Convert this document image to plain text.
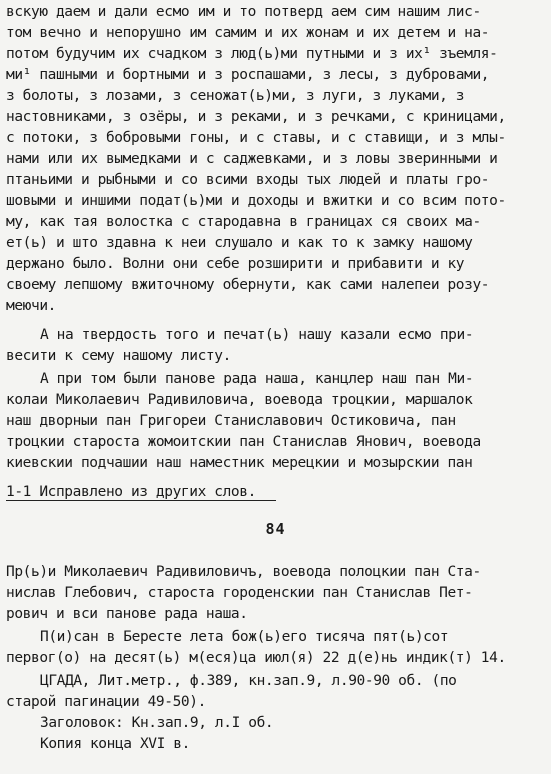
вскую даем и дали есмо им и то потверд аем сим нашим лис-
том вечно и непорушно им самим и их жонам и их детем и на-
потом будучим их счадком з люд(ь)ми путными и з их¹ зъемля-
ми¹ пашными и бортными и з роспашами, з лесы, з дубровами,
з болоты, з лозами, з сеножат(ь)ми, з луги, з луками, з
настовниками, з озёры, и з реками, и з речками, с криницами,
с потоки, з бобровыми гоны, и с ставы, и с ставищи, и з млы-
нами или их вымедками и с саджевками, и з ловы зверинными и
птаньими и рыбными и со всими входы тых людей и платы гро-
шовыми и иншими подат(ь)ми и доходы и вжитки и со всим пото-
му, как тая волостка с стародавна в границах ся своих ма-
ет(ь) и што здавна к неи слушало и как то к замку нашому
держано было. Волни они себе розширити и прибавити и ку
своему лепшому вжиточному обернути, как сами налепеи розу-
меючи.
А на твердость того и печат(ь) нашу казали есмо при-
весити к сему нашому листу.
А при том были панове рада наша, канцлер наш пан Ми-
колаи Миколаевич Радивиловича, воевода троцкии, маршалок
наш дворныи пан Григореи Станиславович Остиковича, пан
троцкии староста жомоитскии пан Станислав Янович, воевода
киевскии подчашии наш наместник мерецкии и мозырскии пан
1-1 Исправлено из других слов.
84
Пр(ь)и Миколаевич Радивиловичъ, воевода полоцкии пан Ста-
нислав Глебович, староста городенскии пан Станислав Пет-
рович и вси панове рада наша.
П(и)сан в Бересте лета бож(ь)его тисяча пят(ь)сот
первог(о) на десят(ь) м(еся)ца июл(я) 22 д(е)нь индик(т) 14.
ЦГАДА, Лит.метр., ф.389, кн.зап.9, л.90-90 об. (по
старой пагинации 49-50).
Заголовок: Кн.зап.9, л.I об.
Копия конца XVI в.
